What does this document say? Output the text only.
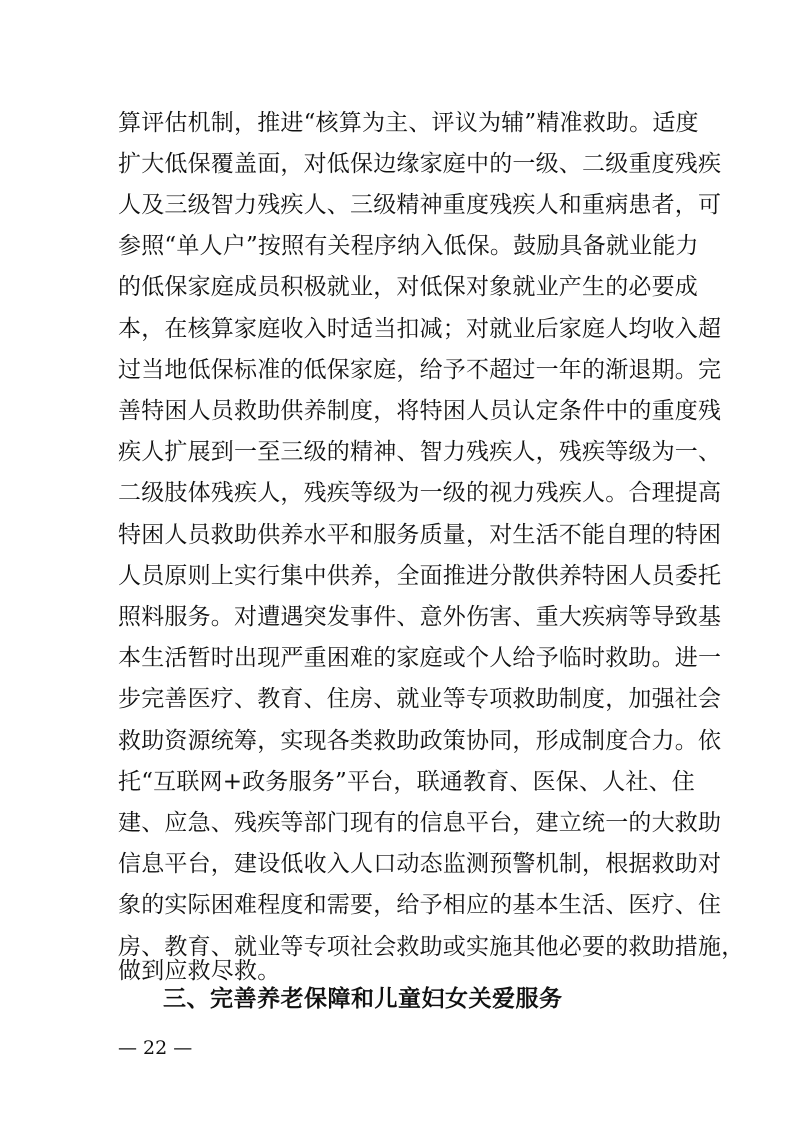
算评估机制，推进“核算为主、评议为辅”精准救助。适度
扩大低保覆盖面，对低保边缘家庭中的一级、二级重度残疾
人及三级智力残疾人、三级精神重度残疾人和重病患者，可
参照“单人户”按照有关程序纳入低保。鼓励具备就业能力
的低保家庭成员积极就业，对低保对象就业产生的必要成
本，在核算家庭收入时适当扣减；对就业后家庭人均收入超
过当地低保标准的低保家庭，给予不超过一年的渐退期。完
善特困人员救助供养制度，将特困人员认定条件中的重度残
疾人扩展到一至三级的精神、智力残疾人，残疾等级为一、
二级肢体残疾人，残疾等级为一级的视力残疾人。合理提高
特困人员救助供养水平和服务质量，对生活不能自理的特困
人员原则上实行集中供养，全面推进分散供养特困人员委托
照料服务。对遭遇突发事件、意外伤害、重大疾病等导致基
本生活暂时出现严重困难的家庭或个人给予临时救助。进一
步完善医疗、教育、住房、就业等专项救助制度，加强社会
救助资源统筹，实现各类救助政策协同，形成制度合力。依
托“互联网+政务服务”平台，联通教育、医保、人社、住
建、应急、残疾等部门现有的信息平台，建立统一的大救助
信息平台，建设低收入人口动态监测预警机制，根据救助对
象的实际困难程度和需要，给予相应的基本生活、医疗、住
房、教育、就业等专项社会救助或实施其他必要的救助措施，
做到应救尽救。
三、完善养老保障和儿童妇女关爱服务
— 22 —
